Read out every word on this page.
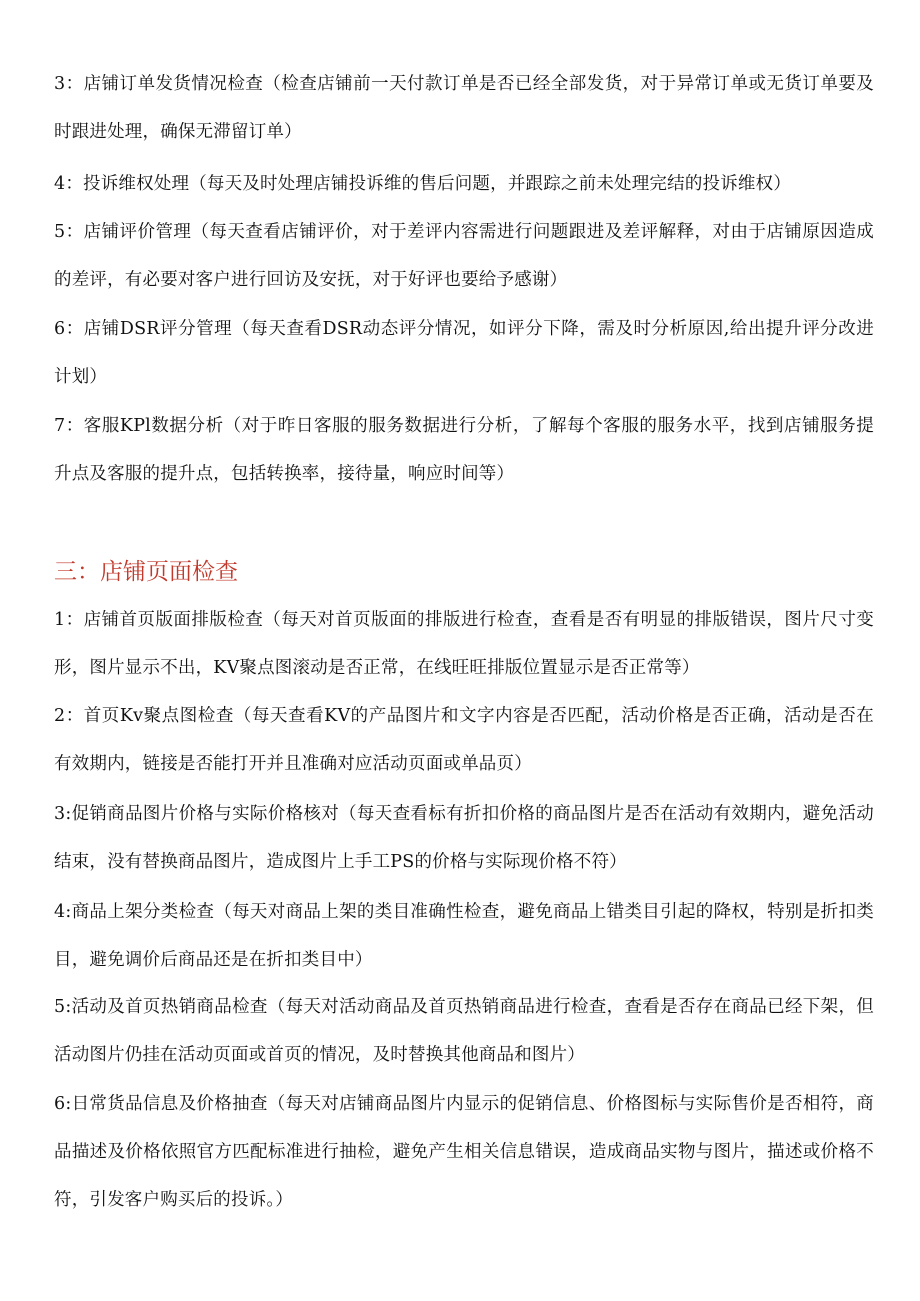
3：店铺订单发货情况检查（检查店铺前一天付款订单是否已经全部发货，对于异常订单或无货订单要及时跟进处理，确保无滞留订单）

4：投诉维权处理（每天及时处理店铺投诉维的售后问题，并跟踪之前未处理完结的投诉维权）

5：店铺评价管理（每天查看店铺评价，对于差评内容需进行问题跟进及差评解释，对由于店铺原因造成的差评，有必要对客户进行回访及安抚，对于好评也要给予感谢）

6：店铺DSR评分管理（每天查看DSR动态评分情况，如评分下降，需及时分析原因,给出提升评分改进计划）

7：客服KPl数据分析（对于昨日客服的服务数据进行分析，了解每个客服的服务水平，找到店铺服务提升点及客服的提升点，包括转换率，接待量，响应时间等）

三：店铺页面检查

1：店铺首页版面排版检查（每天对首页版面的排版进行检查，查看是否有明显的排版错误，图片尺寸变形，图片显示不出，KV聚点图滚动是否正常，在线旺旺排版位置显示是否正常等）

2：首页Kv聚点图检查（每天查看KV的产品图片和文字内容是否匹配，活动价格是否正确，活动是否在有效期内，链接是否能打开并且准确对应活动页面或单品页）

3:促销商品图片价格与实际价格核对（每天查看标有折扣价格的商品图片是否在活动有效期内，避免活动结束，没有替换商品图片，造成图片上手工PS的价格与实际现价格不符）

4:商品上架分类检查（每天对商品上架的类目准确性检查，避免商品上错类目引起的降权，特别是折扣类目，避免调价后商品还是在折扣类目中）

5:活动及首页热销商品检查（每天对活动商品及首页热销商品进行检查，查看是否存在商品已经下架，但活动图片仍挂在活动页面或首页的情况，及时替换其他商品和图片）

6:日常货品信息及价格抽查（每天对店铺商品图片内显示的促销信息、价格图标与实际售价是否相符，商品描述及价格依照官方匹配标准进行抽检，避免产生相关信息错误，造成商品实物与图片，描述或价格不符，引发客户购买后的投诉。）
